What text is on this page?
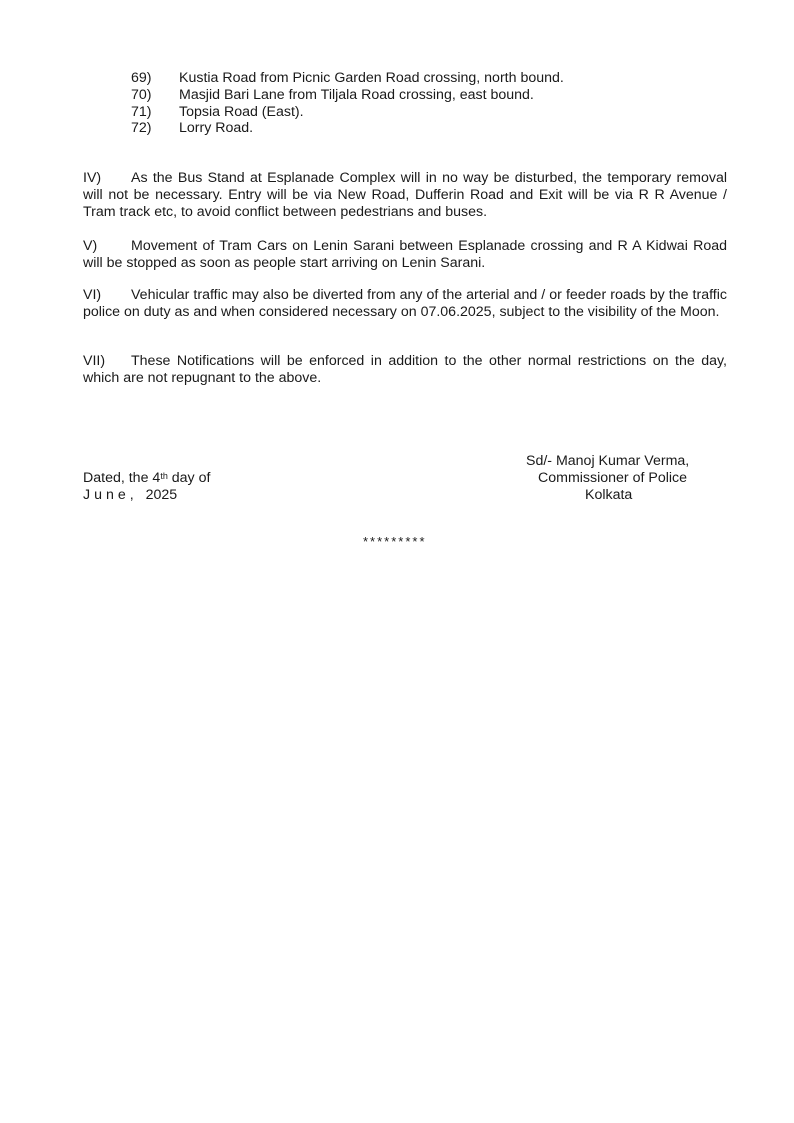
69) Kustia Road from Picnic Garden Road crossing, north bound.
70) Masjid Bari Lane from Tiljala Road crossing, east bound.
71) Topsia Road (East).
72) Lorry Road.
IV) As the Bus Stand at Esplanade Complex will in no way be disturbed, the temporary removal will not be necessary. Entry will be via New Road, Dufferin Road and Exit will be via R R Avenue / Tram track etc, to avoid conflict between pedestrians and buses.
V) Movement of Tram Cars on Lenin Sarani between Esplanade crossing and R A Kidwai Road will be stopped as soon as people start arriving on Lenin Sarani.
VI) Vehicular traffic may also be diverted from any of the arterial and / or feeder roads by the traffic police on duty as and when considered necessary on 07.06.2025, subject to the visibility of the Moon.
VII) These Notifications will be enforced in addition to the other normal restrictions on the day, which are not repugnant to the above.
Sd/- Manoj Kumar Verma,
Commissioner of Police
Kolkata
Dated, the 4th day of
June, 2025
*********
